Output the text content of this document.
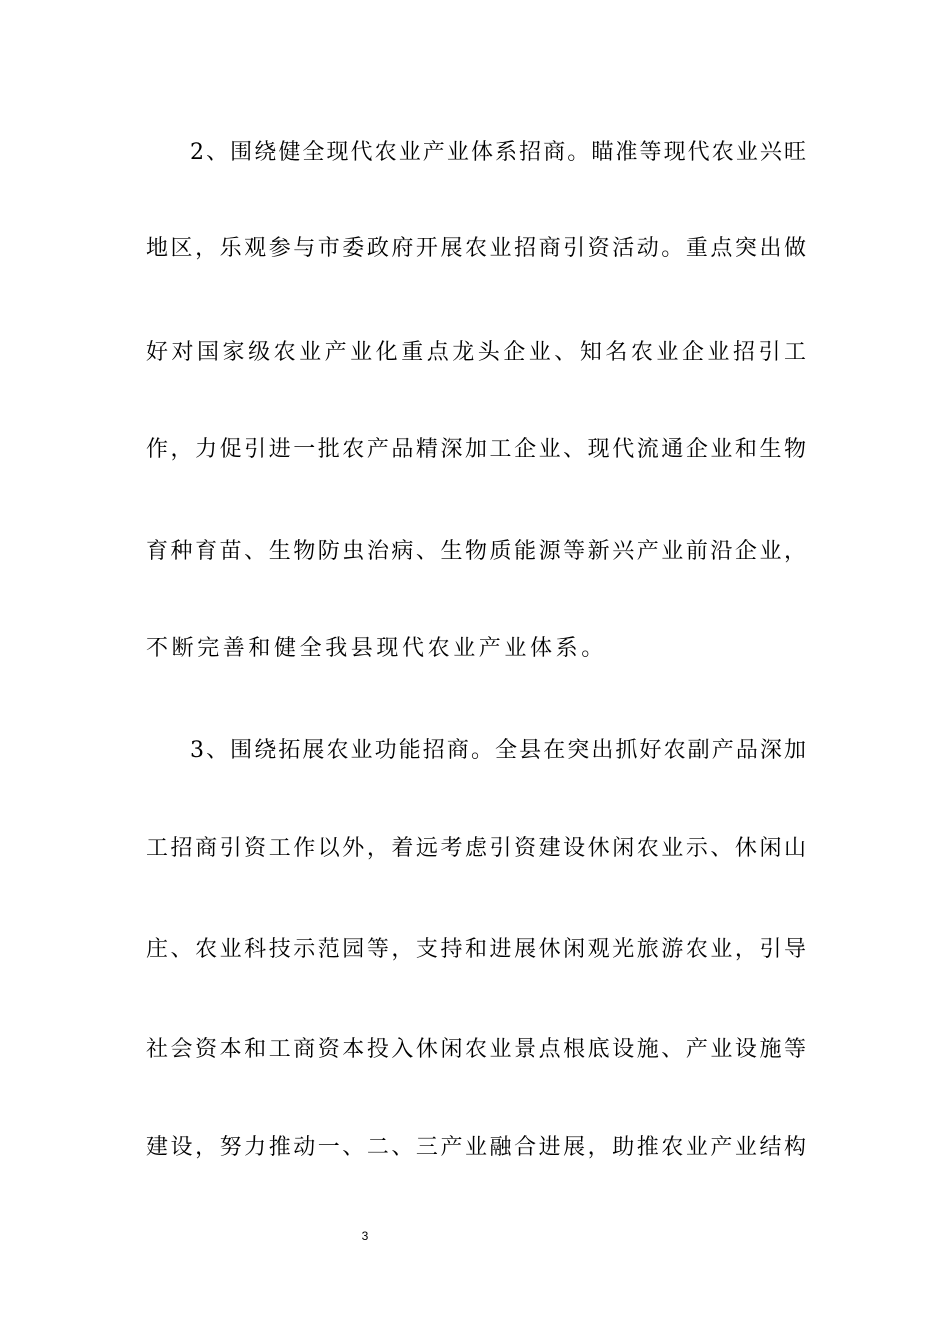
2、围绕健全现代农业产业体系招商。瞄准等现代农业兴旺
地区，乐观参与市委政府开展农业招商引资活动。重点突出做
好对国家级农业产业化重点龙头企业、知名农业企业招引工
作，力促引进一批农产品精深加工企业、现代流通企业和生物
育种育苗、生物防虫治病、生物质能源等新兴产业前沿企业，
不断完善和健全我县现代农业产业体系。
3、围绕拓展农业功能招商。全县在突出抓好农副产品深加
工招商引资工作以外，着远考虑引资建设休闲农业示、休闲山
庄、农业科技示范园等，支持和进展休闲观光旅游农业，引导
社会资本和工商资本投入休闲农业景点根底设施、产业设施等
建设，努力推动一、二、三产业融合进展，助推农业产业结构
3
